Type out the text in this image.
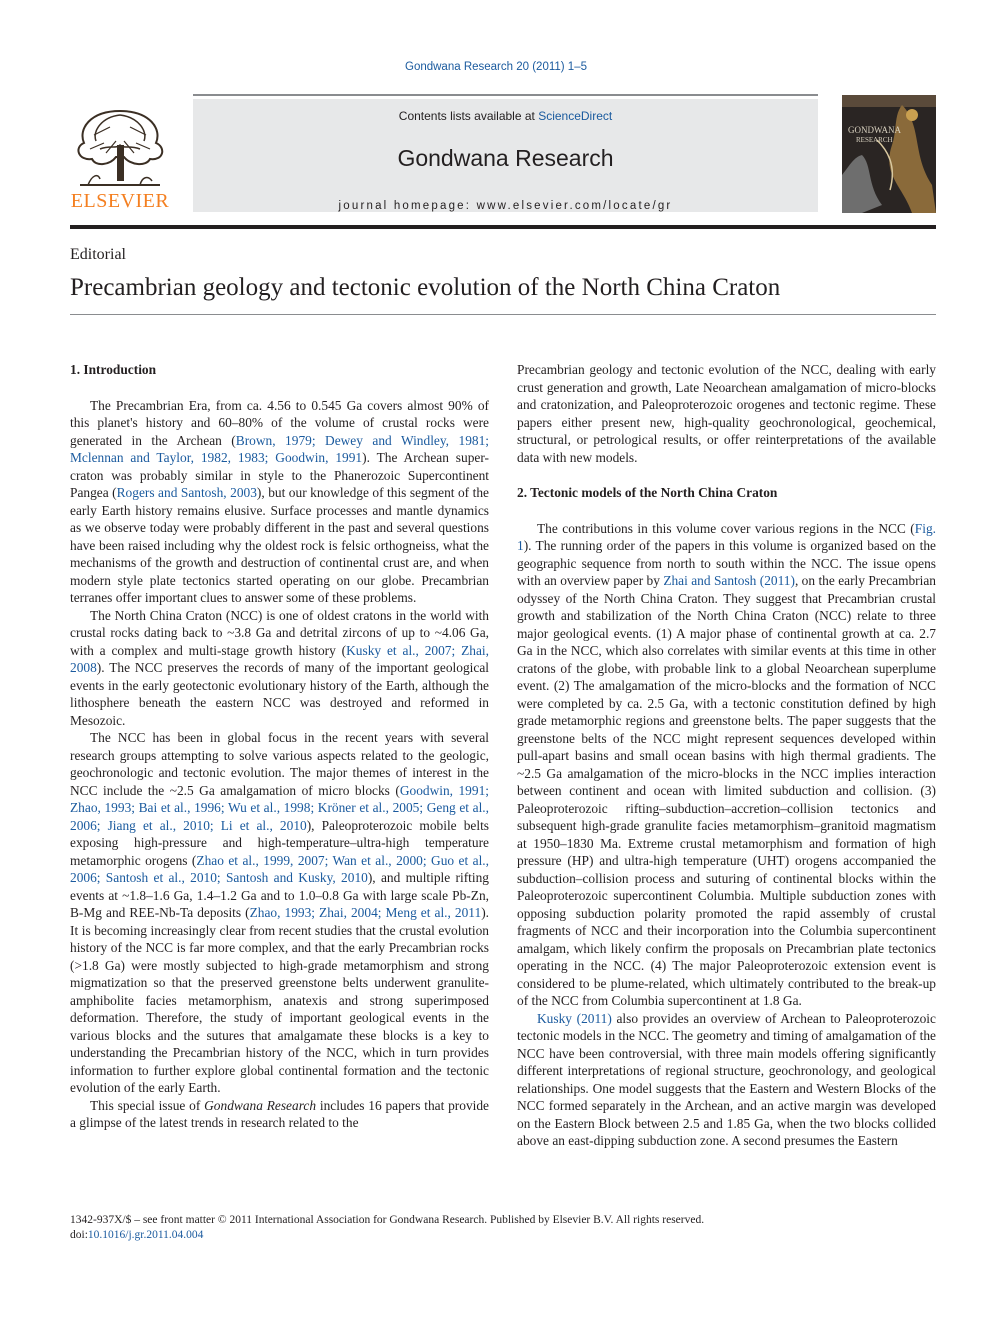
Gondwana Research 20 (2011) 1–5
ELSEVIER
Contents lists available at ScienceDirect
Gondwana Research
journal homepage: www.elsevier.com/locate/gr
GONDWANA
RESEARCH
Editorial
Precambrian geology and tectonic evolution of the North China Craton
1. Introduction

The Precambrian Era, from ca. 4.56 to 0.545 Ga covers almost 90% of this planet's history and 60–80% of the volume of crustal rocks were generated in the Archean (Brown, 1979; Dewey and Windley, 1981; Mclennan and Taylor, 1982, 1983; Goodwin, 1991). The Archean super-craton was probably similar in style to the Phanerozoic Supercontinent Pangea (Rogers and Santosh, 2003), but our knowledge of this segment of the early Earth history remains elusive. Surface processes and mantle dynamics as we observe today were probably different in the past and several questions have been raised including why the oldest rock is felsic orthogneiss, what the mechanisms of the growth and destruction of continental crust are, and when modern style plate tectonics started operating on our globe. Precambrian terranes offer important clues to answer some of these problems.

The North China Craton (NCC) is one of oldest cratons in the world with crustal rocks dating back to ~3.8 Ga and detrital zircons of up to ~4.06 Ga, with a complex and multi-stage growth history (Kusky et al., 2007; Zhai, 2008). The NCC preserves the records of many of the important geological events in the early geotectonic evolutionary history of the Earth, although the lithosphere beneath the eastern NCC was destroyed and reformed in Mesozoic.

The NCC has been in global focus in the recent years with several research groups attempting to solve various aspects related to the geologic, geochronologic and tectonic evolution. The major themes of interest in the NCC include the ~2.5 Ga amalgamation of micro blocks (Goodwin, 1991; Zhao, 1993; Bai et al., 1996; Wu et al., 1998; Kröner et al., 2005; Geng et al., 2006; Jiang et al., 2010; Li et al., 2010), Paleoproterozoic mobile belts exposing high-pressure and high-temperature–ultra-high temperature metamorphic orogens (Zhao et al., 1999, 2007; Wan et al., 2000; Guo et al., 2006; Santosh et al., 2010; Santosh and Kusky, 2010), and multiple rifting events at ~1.8–1.6 Ga, 1.4–1.2 Ga and to 1.0–0.8 Ga with large scale Pb-Zn, B-Mg and REE-Nb-Ta deposits (Zhao, 1993; Zhai, 2004; Meng et al., 2011). It is becoming increasingly clear from recent studies that the crustal evolution history of the NCC is far more complex, and that the early Precambrian rocks (>1.8 Ga) were mostly subjected to high-grade metamorphism and strong migmatization so that the preserved greenstone belts underwent granulite-amphibolite facies metamorphism, anatexis and strong superimposed deformation. Therefore, the study of important geological events in the various blocks and the sutures that amalgamate these blocks is a key to understanding the Precambrian history of the NCC, which in turn provides information to further explore global continental formation and the tectonic evolution of the early Earth.

This special issue of Gondwana Research includes 16 papers that provide a glimpse of the latest trends in research related to the

Precambrian geology and tectonic evolution of the NCC, dealing with early crust generation and growth, Late Neoarchean amalgamation of micro-blocks and cratonization, and Paleoproterozoic orogenes and tectonic regime. These papers either present new, high-quality geochronological, geochemical, structural, or petrological results, or offer reinterpretations of the available data with new models.

2. Tectonic models of the North China Craton

The contributions in this volume cover various regions in the NCC (Fig. 1). The running order of the papers in this volume is organized based on the geographic sequence from north to south within the NCC. The issue opens with an overview paper by Zhai and Santosh (2011), on the early Precambrian odyssey of the North China Craton. They suggest that Precambrian crustal growth and stabilization of the North China Craton (NCC) relate to three major geological events. (1) A major phase of continental growth at ca. 2.7 Ga in the NCC, which also correlates with similar events at this time in other cratons of the globe, with probable link to a global Neoarchean superplume event. (2) The amalgamation of the micro-blocks and the formation of NCC were completed by ca. 2.5 Ga, with a tectonic constitution defined by high grade metamorphic regions and greenstone belts. The paper suggests that the greenstone belts of the NCC might represent sequences developed within pull-apart basins and small ocean basins with high thermal gradients. The ~2.5 Ga amalgamation of the micro-blocks in the NCC implies interaction between continent and ocean with limited subduction and collision. (3) Paleoproterozoic rifting–subduction–accretion–collision tectonics and subsequent high-grade granulite facies metamorphism–granitoid magmatism at 1950–1830 Ma. Extreme crustal metamorphism and formation of high pressure (HP) and ultra-high temperature (UHT) orogens accompanied the subduction–collision process and suturing of continental blocks within the Paleoproterozoic supercontinent Columbia. Multiple subduction zones with opposing subduction polarity promoted the rapid assembly of crustal fragments of NCC and their incorporation into the Columbia supercontinent amalgam, which likely confirm the proposals on Precambrian plate tectonics operating in the NCC. (4) The major Paleoproterozoic extension event is considered to be plume-related, which ultimately contributed to the break-up of the NCC from Columbia supercontinent at 1.8 Ga.

Kusky (2011) also provides an overview of Archean to Paleoproterozoic tectonic models in the NCC. The geometry and timing of amalgamation of the NCC have been controversial, with three main models offering significantly different interpretations of regional structure, geochronology, and geological relationships. One model suggests that the Eastern and Western Blocks of the NCC formed separately in the Archean, and an active margin was developed on the Eastern Block between 2.5 and 1.85 Ga, when the two blocks collided above an east-dipping subduction zone. A second presumes the Eastern

1342-937X/$ – see front matter © 2011 International Association for Gondwana Research. Published by Elsevier B.V. All rights reserved.
doi:10.1016/j.gr.2011.04.004
